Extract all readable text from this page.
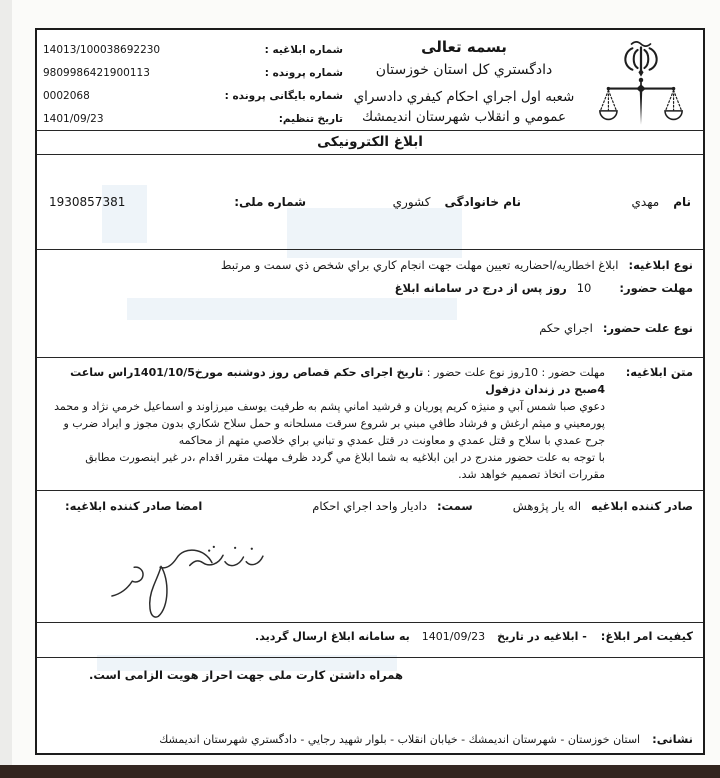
بسمه تعالی
دادگستري کل استان خوزستان
شعبه اول اجراي احکام کیفري دادسراي
عمومي و انقلاب شهرستان اندیمشك
شماره ابلاغیه :
14013/100038692230
شماره پرونده :
9809986421900113
شماره بایگانی پرونده :
0002068
تاریخ تنظیم:
1401/09/23
ابلاغ الکترونیکی
نام
مهدي
نام خانوادگی
کشوري
شماره ملی:
1930857381
نوع ابلاغیه:
ابلاغ اخطاریه/احضاریه تعیین مهلت جهت انجام کاري براي شخص ذي سمت و مرتبط
مهلت حضور:
10
روز پس از درج در سامانه ابلاغ
نوع علت حضور:
اجراي حکم
متن ابلاغیه:
مهلت حضور : 10روز نوع علت حضور : تاریخ اجرای حکم قصاص روز دوشنبه مورخ1401/10/5راس ساعت 4صبح در زندان دزفول
دعوي صبا شمس آبي و منیژه کریم پوریان و فرشید اماني پشم به طرفیت یوسف میرزاوند و اسماعیل خرمي نژاد و محمد پورمعیني و میثم ارغش و فرشاد طافي مبني بر شروع سرقت مسلحانه و حمل سلاح شکاري بدون مجوز و ایراد ضرب و جرح عمدي با سلاح و قتل عمدي و معاونت در قتل عمدي و تباني براي خلاصي متهم از محاکمه
با توجه به علت حضور مندرج در این ابلاغیه به شما ابلاغ مي گردد ظرف مهلت مقرر اقدام ،در غیر اینصورت مطابق مقررات اتخاذ تصمیم خواهد شد.
صادر کننده ابلاغیه
اله یار پژوهش
سمت:
دادیار واحد اجراي احکام
امضا صادر کننده ابلاغیه:
کیفیت امر ابلاغ:
- ابلاغیه در تاریخ
1401/09/23
به سامانه ابلاغ ارسال گردید.
همراه داشتن کارت ملی جهت احراز هویت الزامی است.
نشانی:
استان خوزستان - شهرستان اندیمشك - خیابان انقلاب - بلوار شهید رجایي - دادگستري شهرستان اندیمشك
